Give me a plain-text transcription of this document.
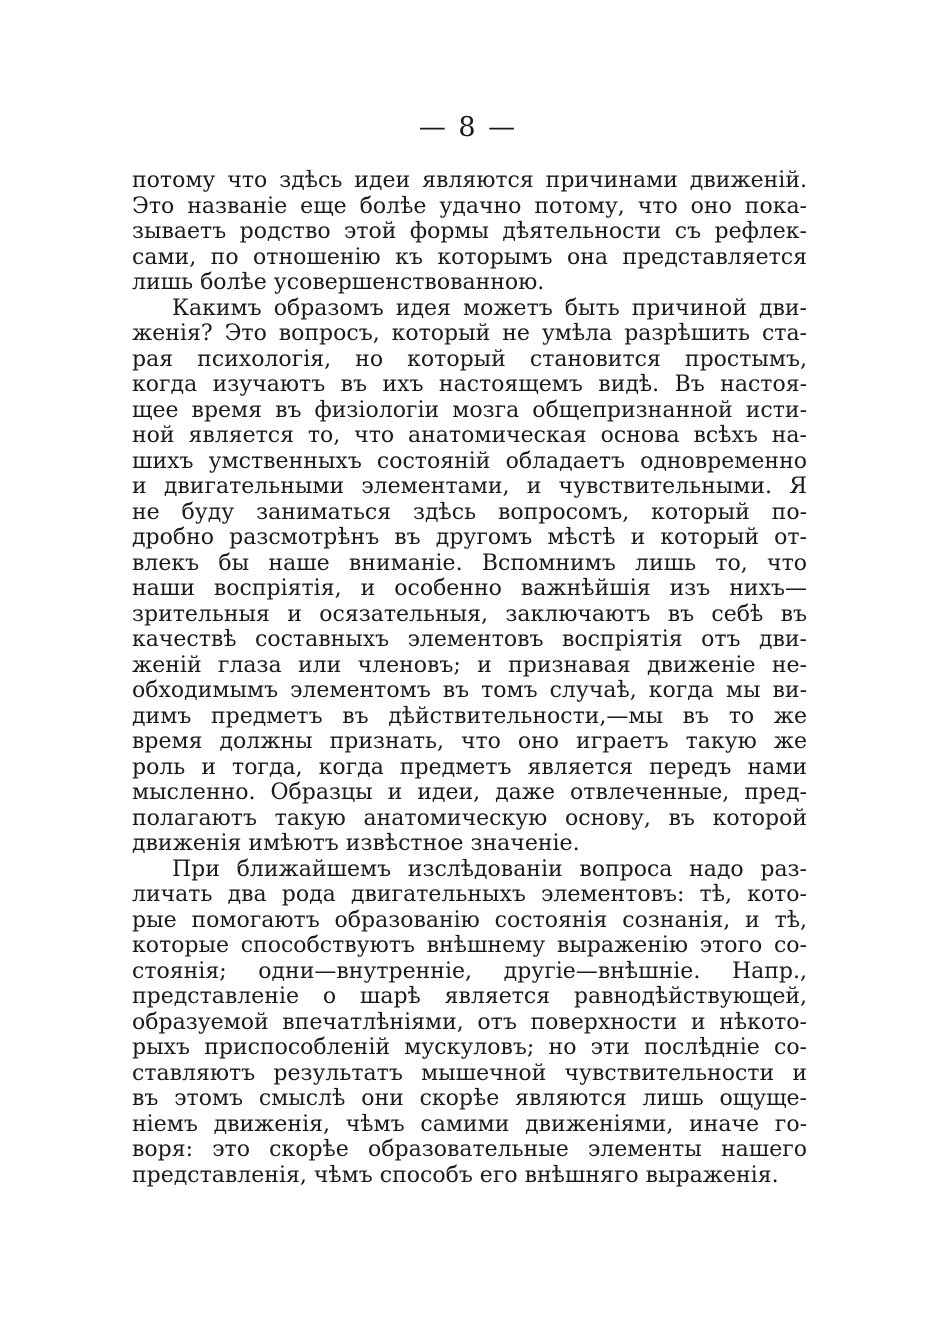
— 8 —
потому что здѣсь идеи являются причинами движеній.
Это названіе еще болѣе удачно потому, что оно пока-
зываетъ родство этой формы дѣятельности съ рефлек-
сами, по отношенію къ которымъ она представляется
лишь болѣе усовершенствованною.
Какимъ образомъ идея можетъ быть причиной дви-
женія? Это вопросъ, который не умѣла разрѣшить ста-
рая психологія, но который становится простымъ,
когда изучаютъ въ ихъ настоящемъ видѣ. Въ настоя-
щее время въ физіологіи мозга общепризнанной исти-
ной является то, что анатомическая основа всѣхъ на-
шихъ умственныхъ состояній обладаетъ одновременно
и двигательными элементами, и чувствительными. Я
не буду заниматься здѣсь вопросомъ, который по-
дробно разсмотрѣнъ въ другомъ мѣстѣ и который от-
влекъ бы наше вниманіе. Вспомнимъ лишь то, что
наши воспріятія, и особенно важнѣйшія изъ нихъ—
зрительныя и осязательныя, заключаютъ въ себѣ въ
качествѣ составныхъ элементовъ воспріятія отъ дви-
женій глаза или членовъ; и признавая движеніе не-
обходимымъ элементомъ въ томъ случаѣ, когда мы ви-
димъ предметъ въ дѣйствительности,—мы въ то же
время должны признать, что оно играетъ такую же
роль и тогда, когда предметъ является передъ нами
мысленно. Образцы и идеи, даже отвлеченные, пред-
полагаютъ такую анатомическую основу, въ которой
движенія имѣютъ извѣстное значеніе.
При ближайшемъ изслѣдованіи вопроса надо раз-
личать два рода двигательныхъ элементовъ: тѣ, кото-
рые помогаютъ образованію состоянія сознанія, и тѣ,
которые способствуютъ внѣшнему выраженію этого со-
стоянія; одни—внутренніе, другіе—внѣшніе. Напр.,
представленіе о шарѣ является равнодѣйствующей,
образуемой впечатлѣніями, отъ поверхности и нѣкото-
рыхъ приспособленій мускуловъ; но эти послѣдніе со-
ставляютъ результатъ мышечной чувствительности и
въ этомъ смыслѣ они скорѣе являются лишь ощуще-
ніемъ движенія, чѣмъ самими движеніями, иначе го-
воря: это скорѣе образовательные элементы нашего
представленія, чѣмъ способъ его внѣшняго выраженія.
